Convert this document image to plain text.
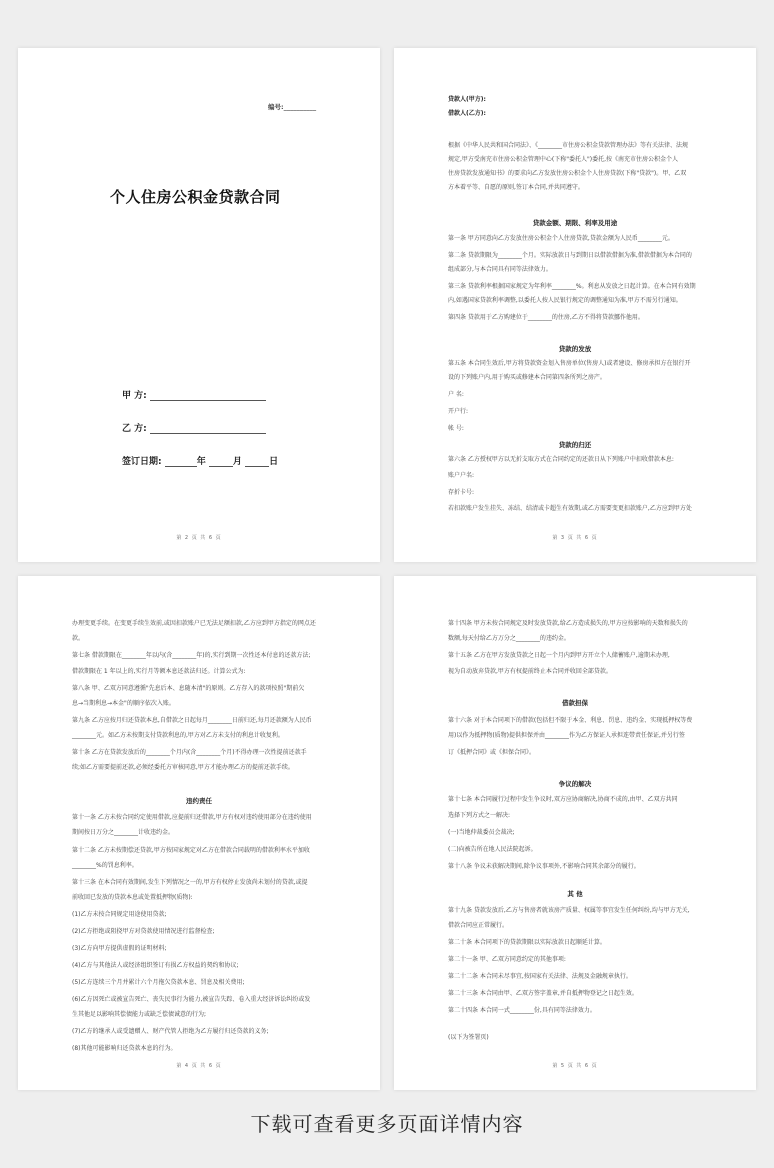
编号:__________
个人住房公积金贷款合同
甲 方:
乙 方:
签订日期:	年	月	日
第 2 页 共 6 页
贷款金额、期限、利率及用途
贷款的发放
贷款的归还
贷款人(甲方):
借款人(乙方):
根据《中华人民共和国合同法》、《________市住房公积金贷款管理办法》等有关法律、法规
规定,甲方受南充市住房公积金管理中心(下称"委托人")委托,按《南充市住房公积金个人
住房贷款发放通知书》的要求向乙方发放住房公积金个人住房贷款(下称"贷款")。甲、乙双
方本着平等、自愿的原则,签订本合同,并共同遵守。
第一条 甲方同意向乙方发放住房公积金个人住房贷款,贷款金额为人民币________元。
第二条 贷款期限为________个月。实际放款日与到期日以借款借据为准,借款借据为本合同的
组成部分,与本合同具有同等法律效力。
第三条 贷款利率根据国家规定为年利率________%。利息从发放之日起计算。在本合同有效期
内,如遇国家贷款利率调整,以委托人按人民银行规定的调整通知为准,甲方不需另行通知。
第四条 贷款用于乙方购建位于________的住房,乙方不得将贷款挪作他用。
第五条 本合同生效后,甲方将贷款资金划入售房单位(售房人)或者建设、修房承担方在银行开
设的下列账户内,用于购买或修建本合同第四条所列之房产。
户 名:
开户行:
帐 号:
第六条 乙方授权甲方以无折支取方式在合同约定的还款日从下列账户中扣收借款本息:
账户户名:
存折卡号:
若扣款账户发生挂失、冻结、结清或卡超生有效期,或乙方需要变更扣款账户,乙方应到甲方处
第 3 页 共 6 页
违约责任
办理变更手续。在变更手续生效前,或因扣款账户已无法足额扣款,乙方应到甲方指定的网点还
款。
第七条 借款期限在________年以内(含________年)的,实行到期一次性还本付息的还款方法;
借款期限在 1 年以上的,实行月等额本息还款法归还。计算公式为:
第八条 甲、乙双方同意遵循"先息后本、息随本清"的原则。乙方存入的款项按照"期前欠
息→当期利息→本金"的顺序依次入账。
第九条 乙方应按月归还贷款本息,自借款之日起每月________日前归还,每月还款额为人民币
________元。如乙方未按期支付贷款利息的,甲方对乙方未支付的利息计收复利。
第十条 乙方在贷款发放后的________个月内(含________个月)不得办理一次性提前还款手
续;如乙方需要提前还款,必须经委托方审核同意,甲方才能办理乙方的提前还款手续。
第十一条 乙方未按合同约定使用借款,应提前归还借款,甲方有权对违约使用部分在违约使用
期间按日万分之________计收违约金。
第十二条 乙方未按期偿还贷款,甲方按国家规定对乙方在借款合同载明的借款利率水平加收
________%的罚息利率。
第十三条 在本合同有效期间,发生下列情况之一的,甲方有权停止发放尚未划付的贷款,或提
前收回已发放的贷款本息或处置抵押物(质物):
(1)乙方未按合同规定用途使用贷款;
(2)乙方拒绝或阻挠甲方对贷款使用情况进行监督检查;
(3)乙方向甲方提供虚假的证明材料;
(4)乙方与其他法人或经济组织签订有损乙方权益的契约和协议;
(5)乙方连续三个月并累计六个月拖欠贷款本息、罚息及相关费用;
(6)乙方因死亡或被宣告死亡、丧失民事行为能力,被宣告失踪、卷入重大经济诉讼纠纷或发
生其他足以影响其偿债能力或缺乏偿债诚意的行为;
(7)乙方的继承人或受遗赠人、财产代管人拒绝为乙方履行归还贷款的义务;
(8)其他可能影响归还贷款本息的行为。
第 4 页 共 6 页
借款担保
争议的解决
其 他
第十四条 甲方未按合同规定及时发放贷款,给乙方造成损失的,甲方应按影响的天数和损失的
数额,每天付给乙方万分之________的违约金。
第十五条 乙方在甲方发放贷款之日起一个月内到甲方开立个人储蓄账户,逾期未办理,
视为自动放弃贷款,甲方有权提前终止本合同并收回全部贷款。
第十六条 对于本合同项下的借款(包括但不限于本金、利息、罚息、违约金、实现抵押权等费
用)以作为抵押物(质物)提供担保并由________作为乙方保证人承担连带责任保证,并另行签
订《抵押合同》或《担保合同》。
第十七条 本合同履行过程中发生争议时,双方应协商解决,协商不成的,由甲、乙双方共同
选择下列方式之一解决:
(一)当地仲裁委员会裁决;
(二)向被告所在地人民法院起诉。
第十八条 争议未获解决期间,除争议事项外,不影响合同其余部分的履行。
第十九条 贷款发放后,乙方与售房者就该房产质量、权属等事宜发生任何纠纷,均与甲方无关,
借款合同应正常履行。
第二十条 本合同项下的贷款期限以实际放款日起顺延计算。
第二十一条 甲、乙双方同意约定的其他事项:
第二十二条 本合同未尽事宜,按国家有关法律、法规及金融规章执行。
第二十三条 本合同由甲、乙双方签字盖章,并自抵押物登记之日起生效。
第二十四条 本合同一式________份,具有同等法律效力。
(以下为签署页)
第 5 页 共 6 页
下载可查看更多页面详情内容
